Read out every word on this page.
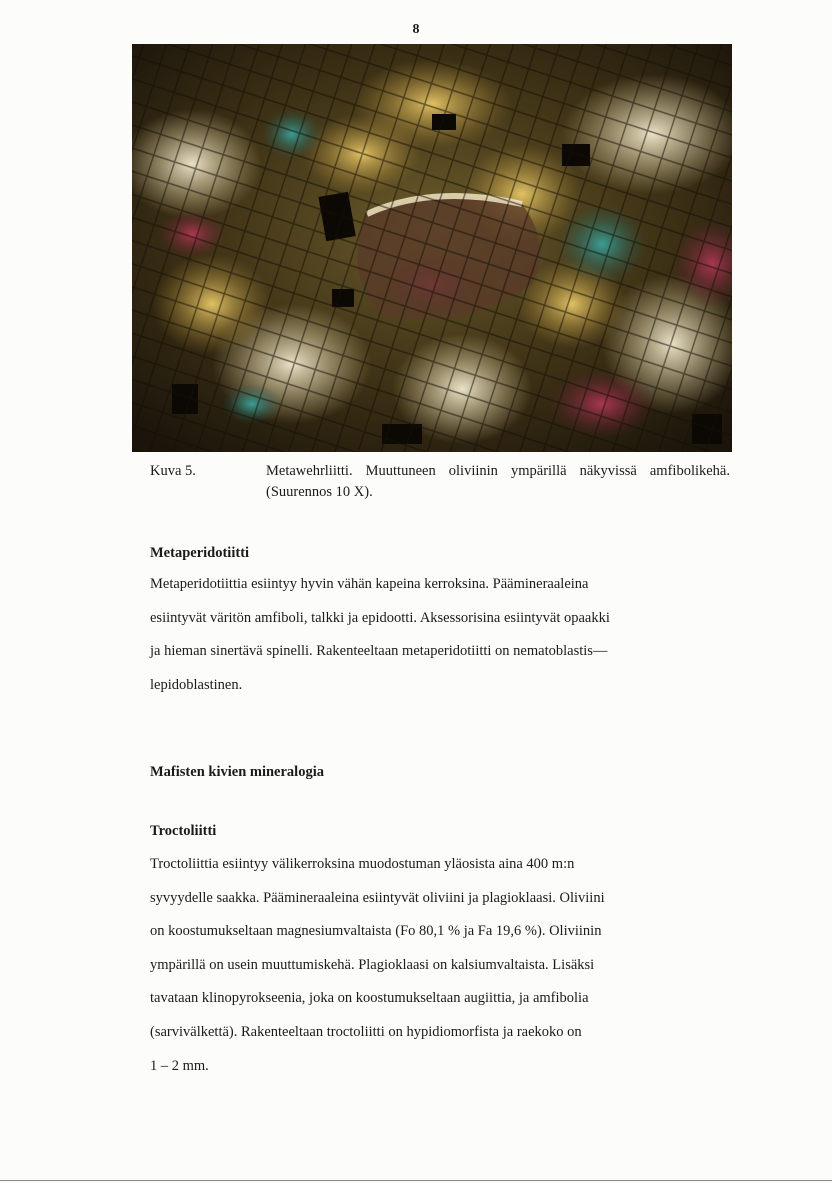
8
Kuva 5.	Metawehrliitti. Muuttuneen oliviinin ympärillä näkyvissä amfibolikehä. (Suurennos 10 X).
Metaperidotiitti

Metaperidotiittia esiintyy hyvin vähän kapeina kerroksina. Päämineraaleina

esiintyvät väritön amfiboli, talkki ja epidootti. Aksessorisina esiintyvät opaakki

ja hieman sinertävä spinelli. Rakenteeltaan metaperidotiitti on nematoblastis—

lepidoblastinen.

Mafisten kivien mineralogia
Troctoliitti

Troctoliittia esiintyy välikerroksina muodostuman yläosista aina 400 m:n

syvyydelle saakka. Päämineraaleina esiintyvät oliviini ja plagioklaasi. Oliviini

on koostumukseltaan magnesiumvaltaista (Fo 80,1 % ja Fa 19,6 %). Oliviinin

ympärillä on usein muuttumiskehä. Plagioklaasi on kalsiumvaltaista. Lisäksi

tavataan klinopyrokseenia, joka on koostumukseltaan augiittia, ja amfibolia

(sarvivälkettä). Rakenteeltaan troctoliitti on hypidiomorfista ja raekoko on

1 – 2 mm.
